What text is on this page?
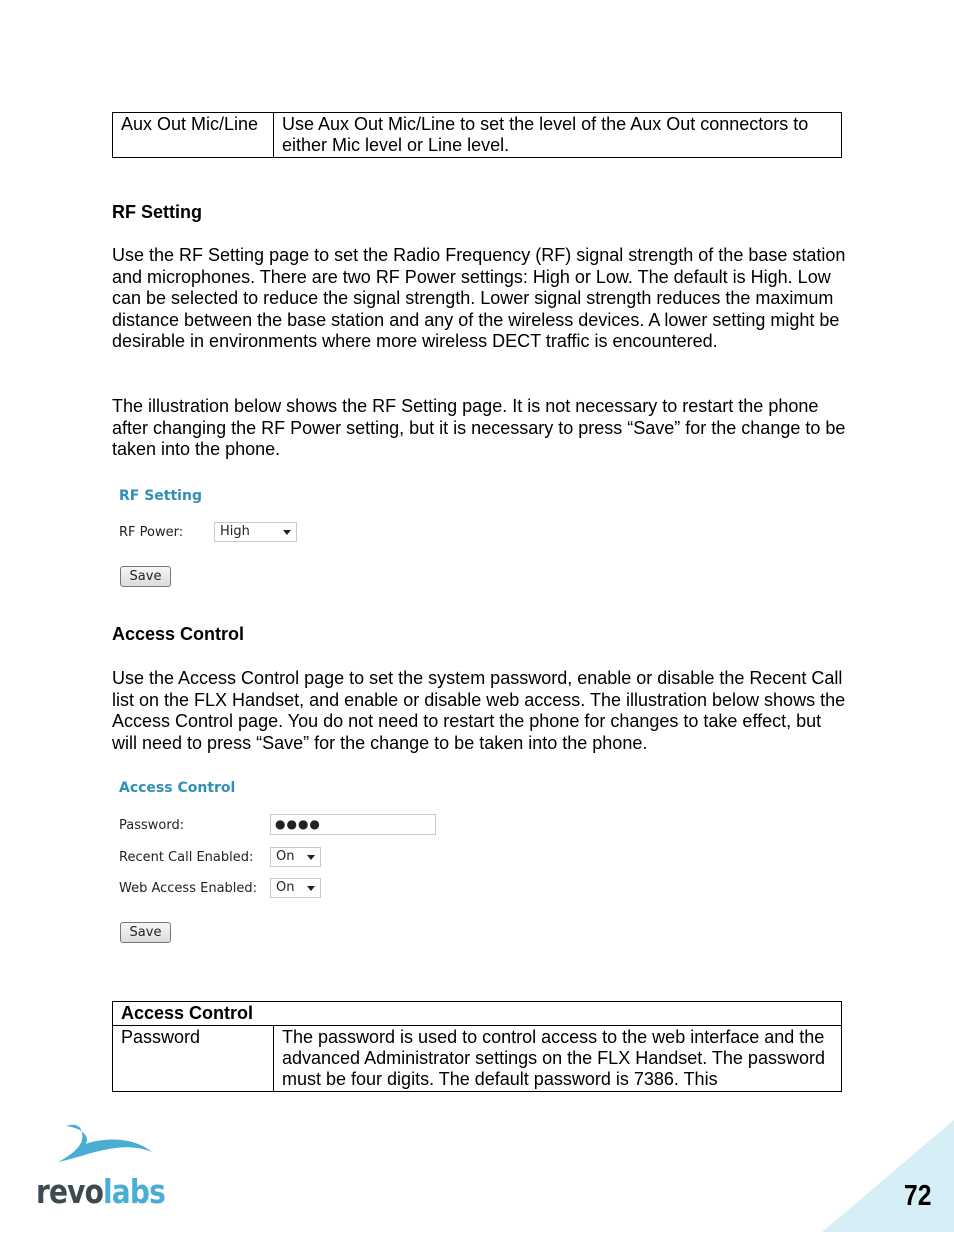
Aux Out Mic/Line	Use Aux Out Mic/Line to set the level of the Aux Out connectors to either Mic level or Line level.
RF Setting
Use the RF Setting page to set the Radio Frequency (RF) signal strength of the base station and microphones. There are two RF Power settings: High or Low. The default is High. Low can be selected to reduce the signal strength. Lower signal strength reduces the maximum distance between the base station and any of the wireless devices. A lower setting might be desirable in environments where more wireless DECT traffic is encountered.
The illustration below shows the RF Setting page. It is not necessary to restart the phone after changing the RF Power setting, but it is necessary to press “Save” for the change to be taken into the phone.
RF Setting
RF Power:	High
Save
Access Control
Use the Access Control page to set the system password, enable or disable the Recent Call list on the FLX Handset, and enable or disable web access. The illustration below shows the Access Control page. You do not need to restart the phone for changes to take effect, but will need to press “Save” for the change to be taken into the phone.
Access Control
Password:	●●●●
Recent Call Enabled:	On
Web Access Enabled:	On
Save
Access Control
Password	The password is used to control access to the web interface and the advanced Administrator settings on the FLX Handset. The password must be four digits. The default password is 7386. This
revolabs	72
